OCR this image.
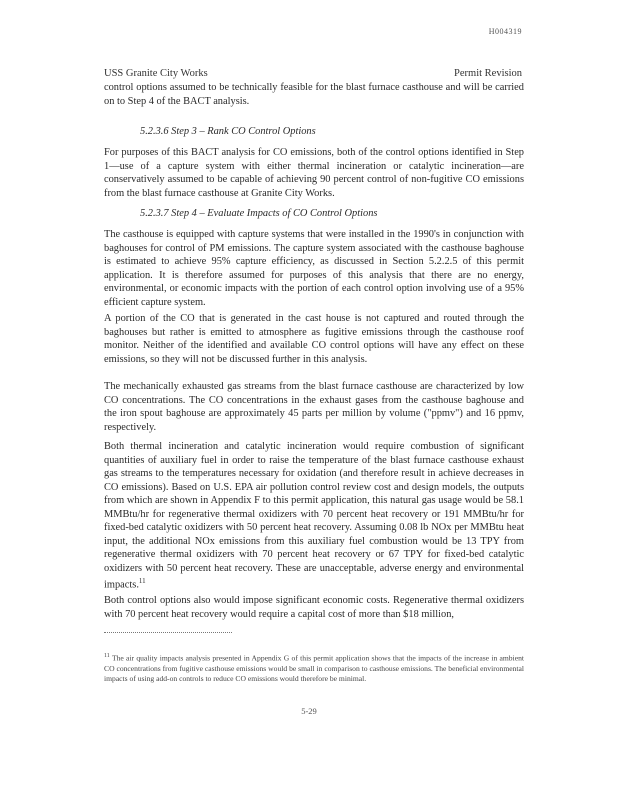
H004319
USS Granite City Works	Permit Revision
control options assumed to be technically feasible for the blast furnace casthouse and will be carried on to Step 4 of the BACT analysis.
5.2.3.6 Step 3 – Rank CO Control Options
For purposes of this BACT analysis for CO emissions, both of the control options identified in Step 1—use of a capture system with either thermal incineration or catalytic incineration—are conservatively assumed to be capable of achieving 90 percent control of non-fugitive CO emissions from the blast furnace casthouse at Granite City Works.
5.2.3.7 Step 4 – Evaluate Impacts of CO Control Options
The casthouse is equipped with capture systems that were installed in the 1990's in conjunction with baghouses for control of PM emissions. The capture system associated with the casthouse baghouse is estimated to achieve 95% capture efficiency, as discussed in Section 5.2.2.5 of this permit application. It is therefore assumed for purposes of this analysis that there are no energy, environmental, or economic impacts with the portion of each control option involving use of a 95% efficient capture system.
A portion of the CO that is generated in the cast house is not captured and routed through the baghouses but rather is emitted to atmosphere as fugitive emissions through the casthouse roof monitor. Neither of the identified and available CO control options will have any effect on these emissions, so they will not be discussed further in this analysis.
The mechanically exhausted gas streams from the blast furnace casthouse are characterized by low CO concentrations. The CO concentrations in the exhaust gases from the casthouse baghouse and the iron spout baghouse are approximately 45 parts per million by volume ("ppmv") and 16 ppmv, respectively.
Both thermal incineration and catalytic incineration would require combustion of significant quantities of auxiliary fuel in order to raise the temperature of the blast furnace casthouse exhaust gas streams to the temperatures necessary for oxidation (and therefore result in achieve decreases in CO emissions). Based on U.S. EPA air pollution control review cost and design models, the outputs from which are shown in Appendix F to this permit application, this natural gas usage would be 58.1 MMBtu/hr for regenerative thermal oxidizers with 70 percent heat recovery or 191 MMBtu/hr for fixed-bed catalytic oxidizers with 50 percent heat recovery. Assuming 0.08 lb NOx per MMBtu heat input, the additional NOx emissions from this auxiliary fuel combustion would be 13 TPY from regenerative thermal oxidizers with 70 percent heat recovery or 67 TPY for fixed-bed catalytic oxidizers with 50 percent heat recovery. These are unacceptable, adverse energy and environmental impacts.$^{11}$
Both control options also would impose significant economic costs. Regenerative thermal oxidizers with 70 percent heat recovery would require a capital cost of more than $18 million,
$^{11}$ The air quality impacts analysis presented in Appendix G of this permit application shows that the impacts of the increase in ambient CO concentrations from fugitive casthouse emissions would be small in comparison to casthouse emissions. The beneficial environmental impacts of using add-on controls to reduce CO emissions would therefore be minimal.
5-29
